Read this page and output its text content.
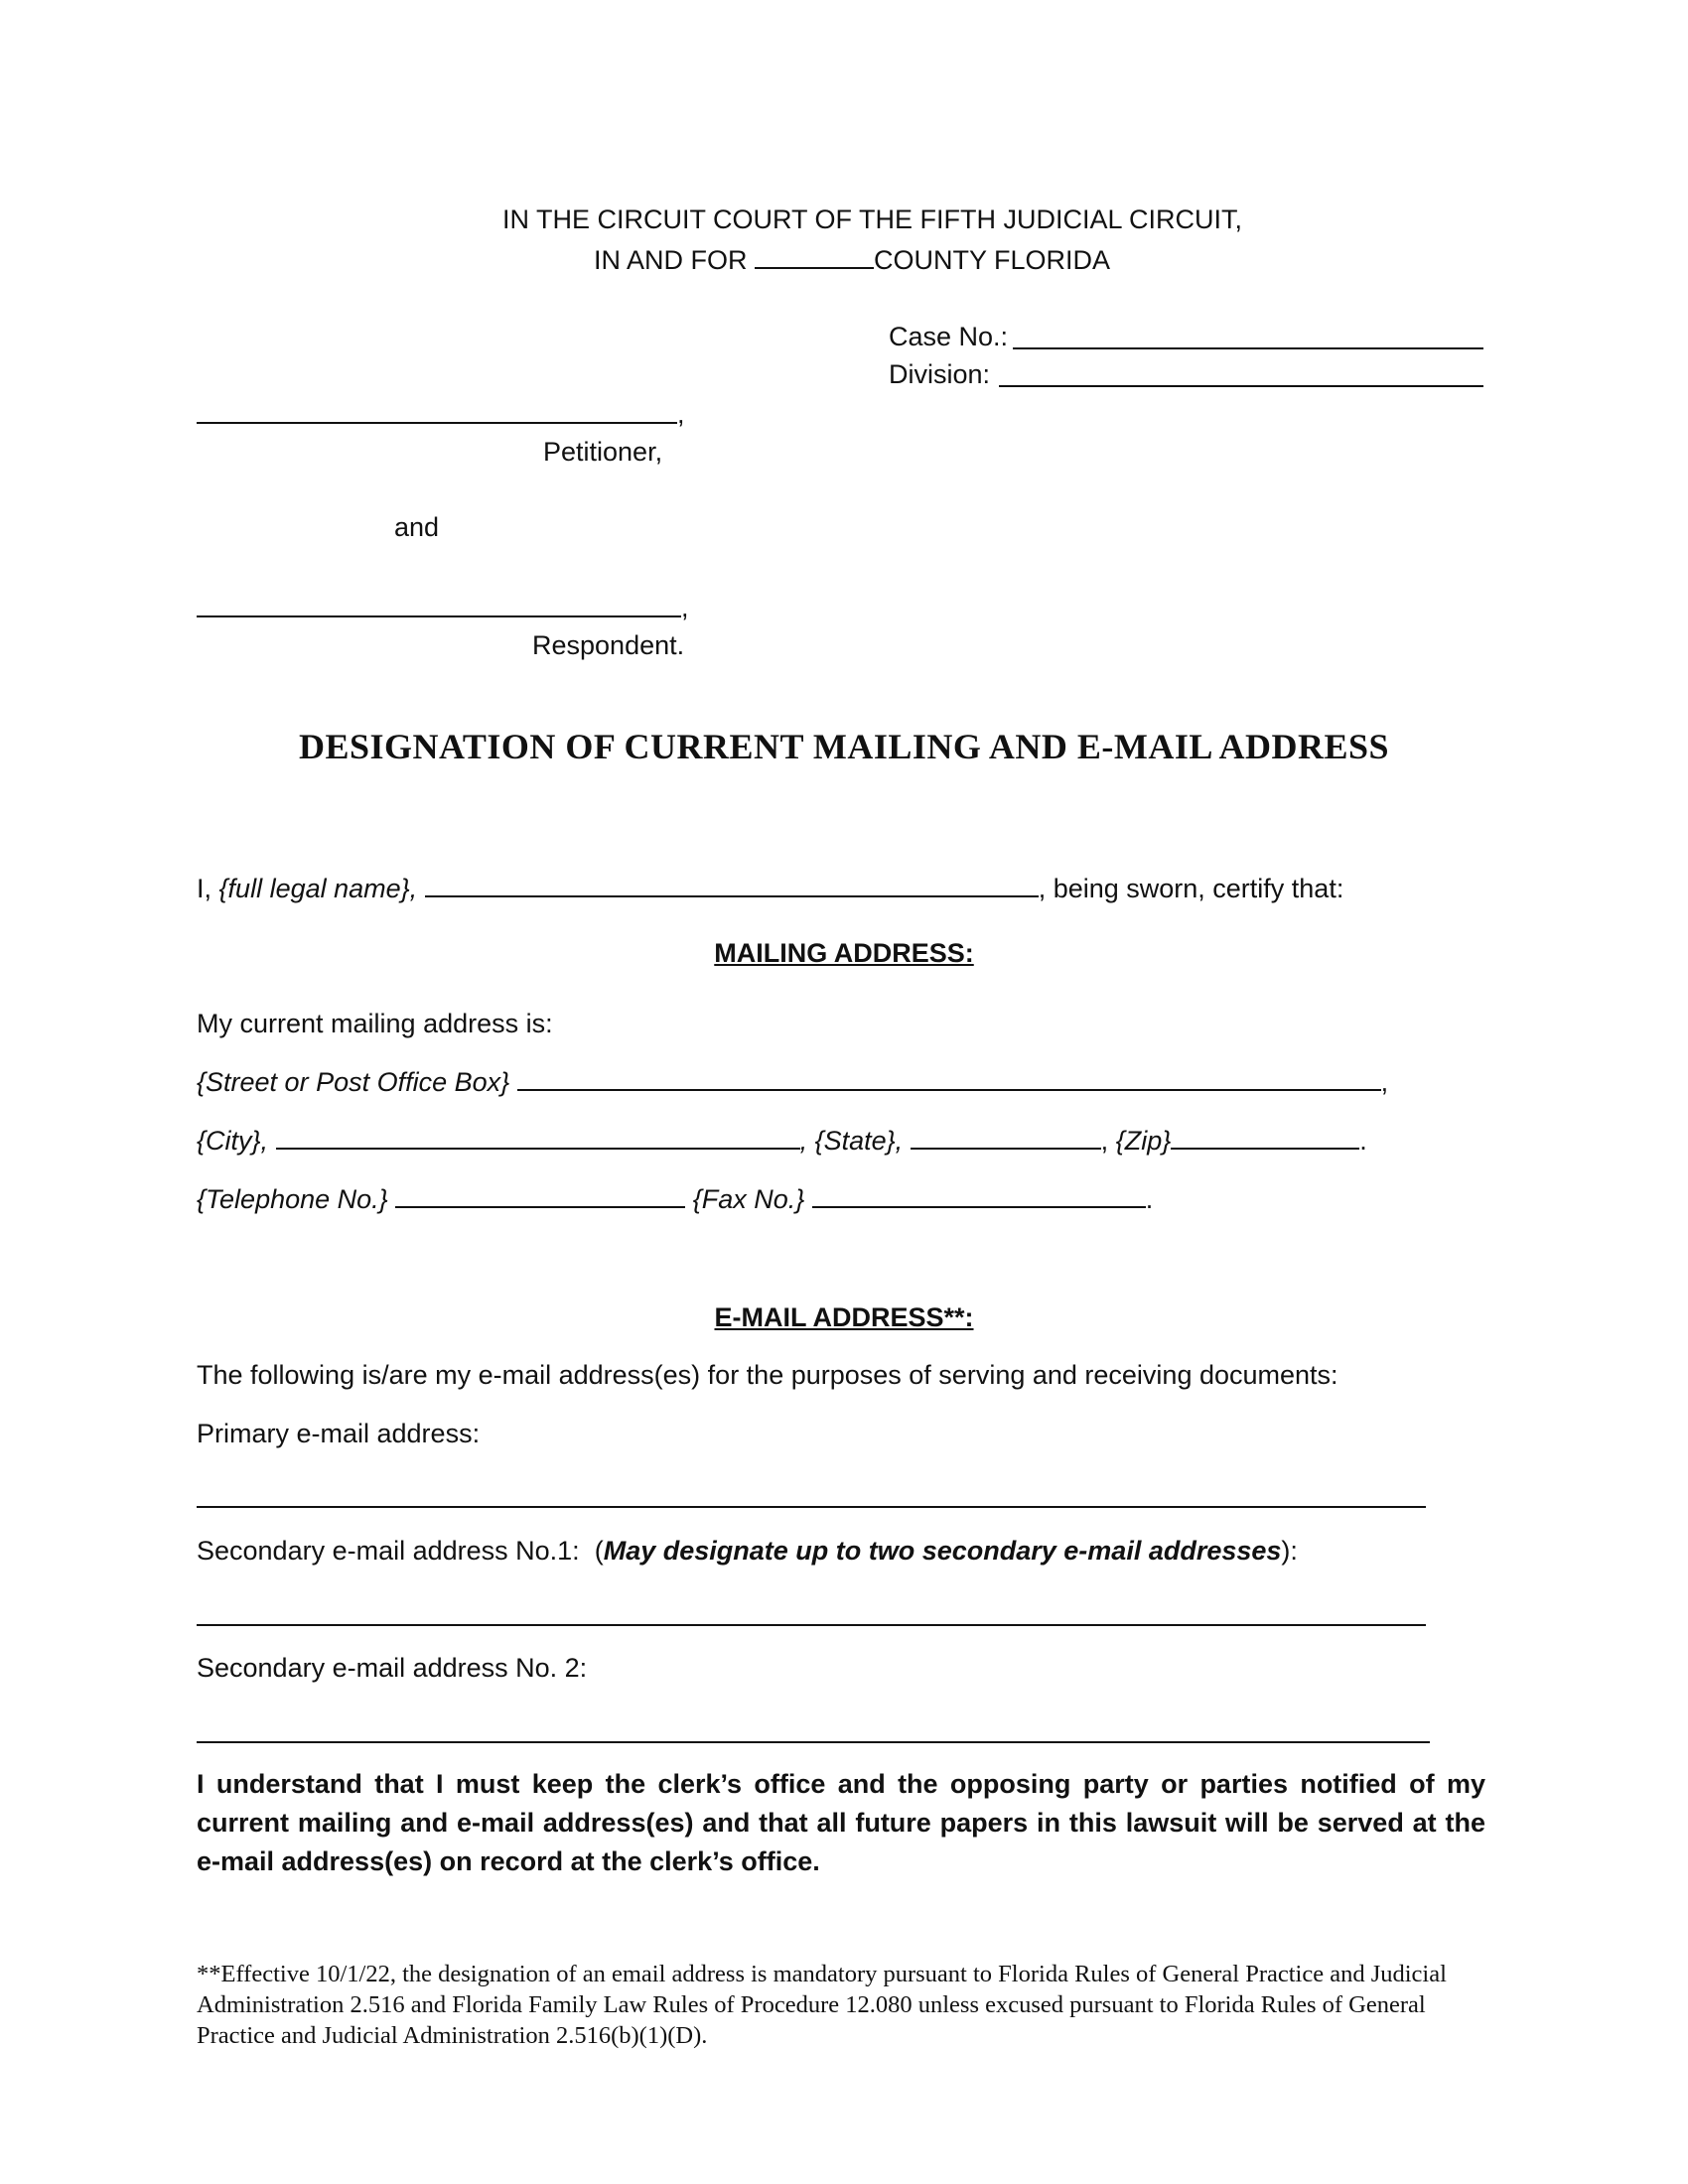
IN THE CIRCUIT COURT OF THE FIFTH JUDICIAL CIRCUIT,
IN AND FOR	COUNTY FLORIDA
Case No.:
Division:
,
Petitioner,
and
,
Respondent.
DESIGNATION OF CURRENT MAILING AND E-MAIL ADDRESS
I, {full legal name},	, being sworn, certify that:
MAILING ADDRESS:
My current mailing address is:
{Street or Post Office Box}	,
{City},	, {State},	, {Zip}	.
{Telephone No.}	{Fax No.}	.
E-MAIL ADDRESS**:
The following is/are my e-mail address(es) for the purposes of serving and receiving documents:
Primary e-mail address:
Secondary e-mail address No.1: (May designate up to two secondary e-mail addresses):
Secondary e-mail address No. 2:
I understand that I must keep the clerk’s office and the opposing party or parties notified of my current mailing and e-mail address(es) and that all future papers in this lawsuit will be served at the e-mail address(es) on record at the clerk’s office.
**Effective 10/1/22, the designation of an email address is mandatory pursuant to Florida Rules of General Practice and Judicial Administration 2.516 and Florida Family Law Rules of Procedure 12.080 unless excused pursuant to Florida Rules of General Practice and Judicial Administration 2.516(b)(1)(D).
